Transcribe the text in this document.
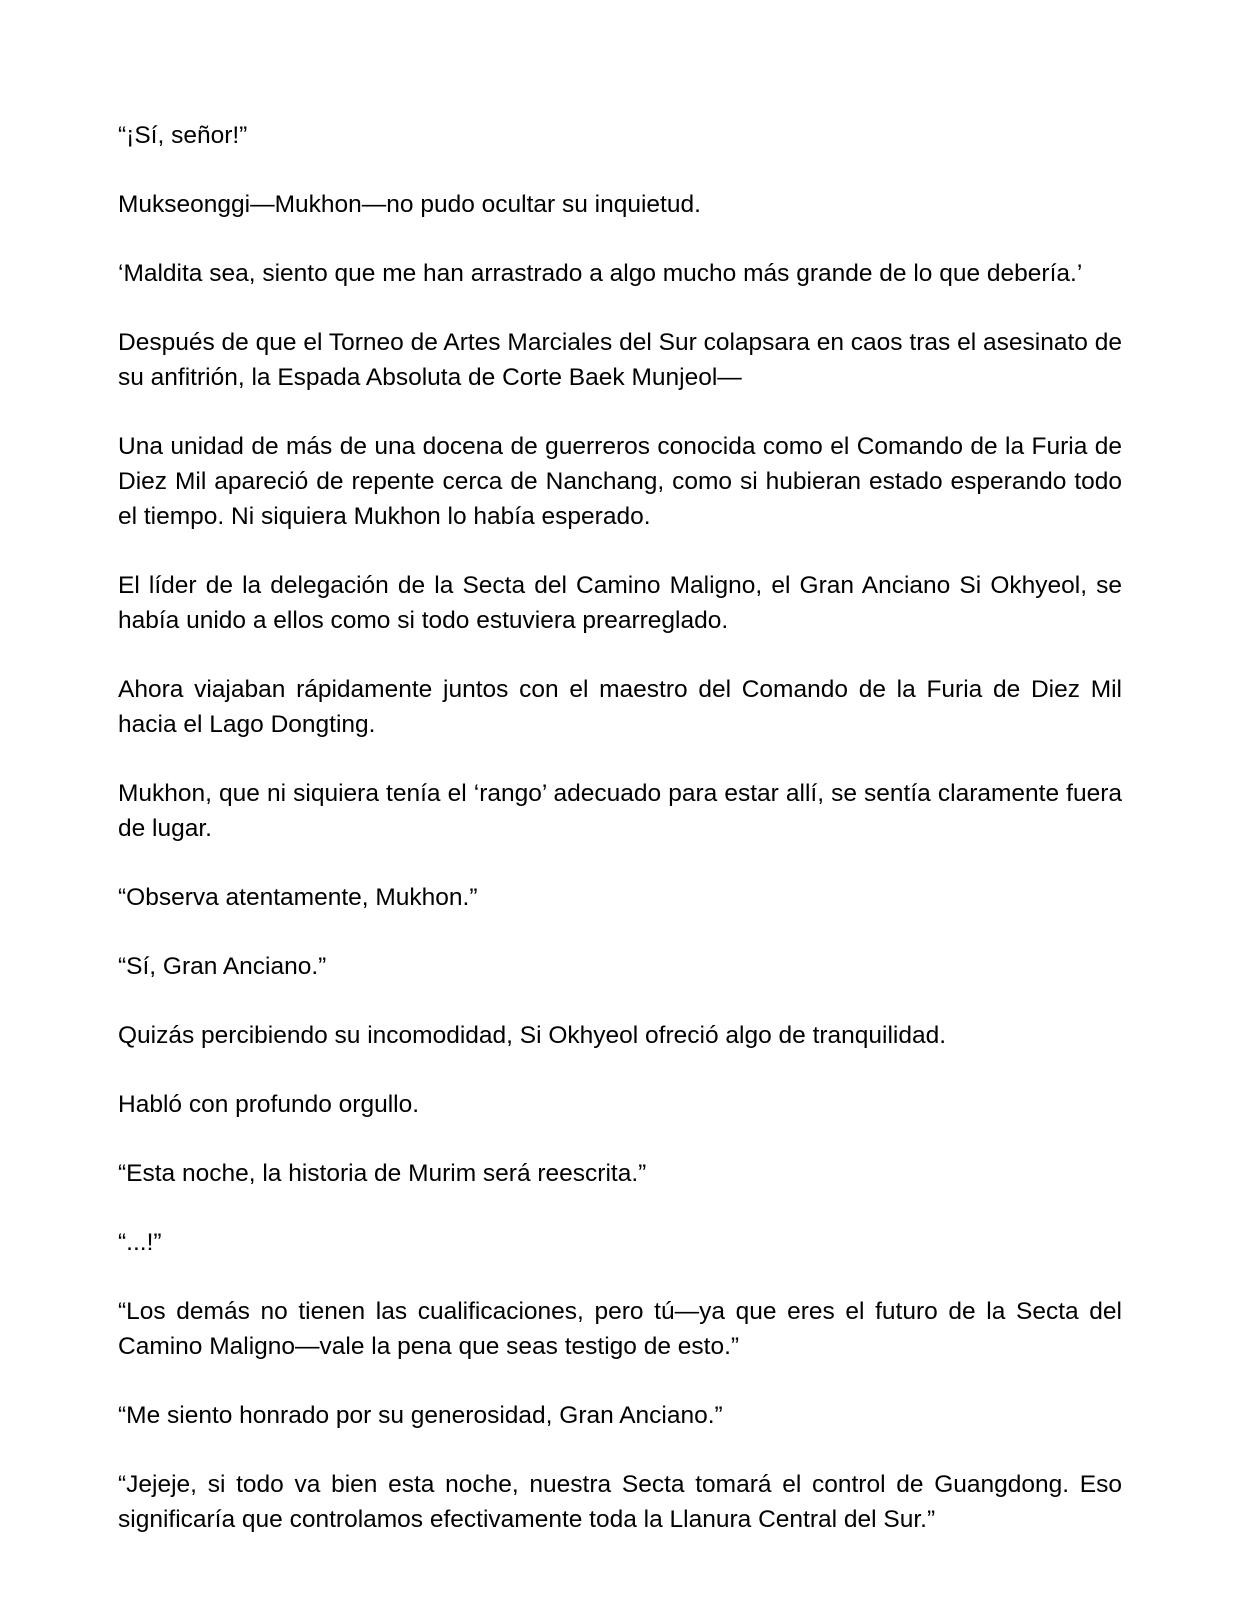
“¡Sí, señor!”

Mukseonggi—Mukhon—no pudo ocultar su inquietud.

‘Maldita sea, siento que me han arrastrado a algo mucho más grande de lo que debería.’

Después de que el Torneo de Artes Marciales del Sur colapsara en caos tras el asesinato de su anfitrión, la Espada Absoluta de Corte Baek Munjeol—

Una unidad de más de una docena de guerreros conocida como el Comando de la Furia de Diez Mil apareció de repente cerca de Nanchang, como si hubieran estado esperando todo el tiempo. Ni siquiera Mukhon lo había esperado.

El líder de la delegación de la Secta del Camino Maligno, el Gran Anciano Si Okhyeol, se había unido a ellos como si todo estuviera prearreglado.

Ahora viajaban rápidamente juntos con el maestro del Comando de la Furia de Diez Mil hacia el Lago Dongting.

Mukhon, que ni siquiera tenía el ‘rango’ adecuado para estar allí, se sentía claramente fuera de lugar.

“Observa atentamente, Mukhon.”

“Sí, Gran Anciano.”

Quizás percibiendo su incomodidad, Si Okhyeol ofreció algo de tranquilidad.

Habló con profundo orgullo.

“Esta noche, la historia de Murim será reescrita.”

“...!”

“Los demás no tienen las cualificaciones, pero tú—ya que eres el futuro de la Secta del Camino Maligno—vale la pena que seas testigo de esto.”

“Me siento honrado por su generosidad, Gran Anciano.”

“Jejeje, si todo va bien esta noche, nuestra Secta tomará el control de Guangdong. Eso significaría que controlamos efectivamente toda la Llanura Central del Sur.”
